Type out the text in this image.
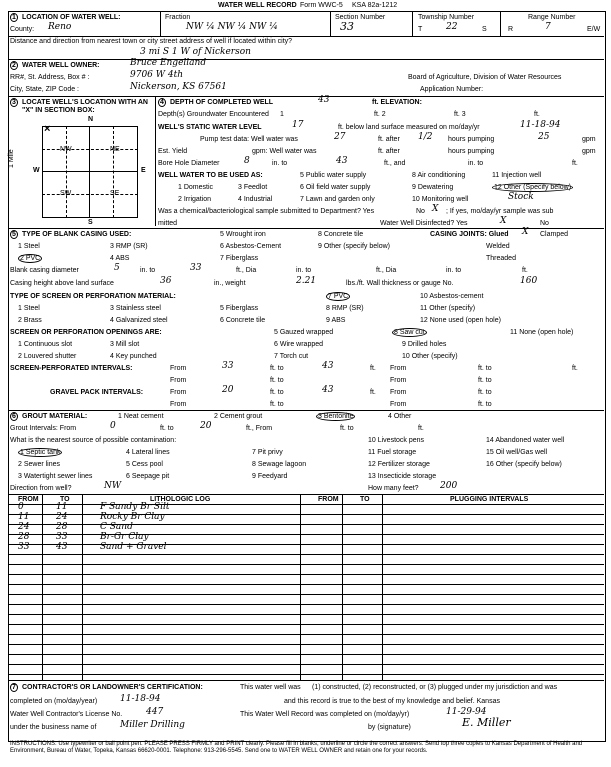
WATER WELL RECORD Form WWC-5 KSA 82a-1212
1 LOCATION OF WATER WELL:
County: Reno
Fraction
NW ¼ NW ¼ NW ¼
Section Number
33
Township Number
T	22	S
Range Number
R	7	E/W
Distance and direction from nearest town or city street address of well if located within city?
3 mi S 1 W of Nickerson
2 WATER WELL OWNER:	Bruce Engelland
RR#, St. Address, Box # :	9706 W 4th	Board of Agriculture, Division of Water Resources
City, State, ZIP Code :	Nickerson, KS 67561	Application Number:
3 LOCATE WELL'S LOCATION WITH AN "X" IN SECTION BOX:
N
S
W	E
NW	NE
SW	SE
1 Mile
×
4 DEPTH OF COMPLETED WELL	43	ft. ELEVATION:
Depth(s) Groundwater Encountered 1	ft. 2	ft. 3	ft.
WELL'S STATIC WATER LEVEL	17	ft. below land surface measured on mo/day/yr	11-18-94
Pump test data: Well water was	27	ft. after 1/2 hours pumping	25	gpm
Est. Yield	gpm: Well water was	ft. after	hours pumping	gpm
Bore Hole Diameter	8	in. to	43	ft., and	in. to	ft.
WELL WATER TO BE USED AS:
1 Domestic
2 Irrigation
3 Feedlot
4 Industrial
5 Public water supply
6 Oil field water supply
7 Lawn and garden only
8 Air conditioning
9 Dewatering
10 Monitoring well
11 Injection well
12 Other (Specify below)
Stock
Was a chemical/bacteriological sample submitted to Department? Yes	No X ; If yes, mo/day/yr sample was sub
mitted	Water Well Disinfected? Yes	X	No
5 TYPE OF BLANK CASING USED:
1 Steel
2 PVC
3 RMP (SR)
4 ABS
5 Wrought iron
6 Asbestos-Cement
7 Fiberglass
8 Concrete tile
9 Other (specify below)
CASING JOINTS: Glued X Clamped
Welded
Threaded
Blank casing diameter	5	in. to	33	ft., Dia	in. to	ft., Dia	in. to	ft.
Casing height above land surface	36	in., weight	2.21	lbs./ft. Wall thickness or gauge No.	160
TYPE OF SCREEN OR PERFORATION MATERIAL:
1 Steel
2 Brass
3 Stainless steel
4 Galvanized steel
5 Fiberglass
6 Concrete tile
7 PVC
8 RMP (SR)
9 ABS
10 Asbestos-cement
11 Other (specify)
12 None used (open hole)
SCREEN OR PERFORATION OPENINGS ARE:
1 Continuous slot
2 Louvered shutter
3 Mill slot
4 Key punched
5 Gauzed wrapped
6 Wire wrapped
7 Torch cut
8 Saw cut
9 Drilled holes
10 Other (specify)
11 None (open hole)
SCREEN-PERFORATED INTERVALS:	From	33	ft. to	43	ft. From	ft. to	ft.
From	ft. to	From	ft. to
GRAVEL PACK INTERVALS:	From	20	ft. to	43	ft. From	ft. to
From	ft. to	From	ft. to
6 GROUT MATERIAL:	1 Neat cement	2 Cement grout	3 Bentonite	4 Other
Grout Intervals: From	0	ft. to	20	ft., From	ft. to	ft.
What is the nearest source of possible contamination:
1 Septic tank
2 Sewer lines
3 Watertight sewer lines
4 Lateral lines
5 Cess pool
6 Seepage pit
7 Pit privy
8 Sewage lagoon
9 Feedyard
10 Livestock pens
11 Fuel storage
12 Fertilizer storage
13 Insecticide storage
14 Abandoned water well
15 Oil well/Gas well
16 Other (specify below)
Direction from well?	NW	How many feet? 200
FROM	TO	LITHOLOGIC LOG	FROM	TO	PLUGGING INTERVALS
0	11	F Sandy Br Silt
11	24	Rocky Br Clay
24	28	C Sand
28	33	Br-Gr Clay
33	43	Sand + Gravel
7 CONTRACTOR'S OR LANDOWNER'S CERTIFICATION:	This water well was (1) constructed, (2) reconstructed, or (3) plugged under my jurisdiction and was
completed on (mo/day/year)	11-18-94	and this record is true to the best of my knowledge and belief. Kansas
Water Well Contractor's License No.	447	This Water Well Record was completed on (mo/day/yr)	11-29-94
under the business name of	Miller Drilling	by (signature)	E. Miller
INSTRUCTIONS: Use typewriter or ball point pen. PLEASE PRESS FIRMLY and PRINT clearly. Please fill in blanks, underline or circle the correct answers. Send top three copies to Kansas Department of Health and Environment, Bureau of Water, Topeka, Kansas 66620-0001. Telephone: 913-296-5545. Send one to WATER WELL OWNER and retain one for your records.
